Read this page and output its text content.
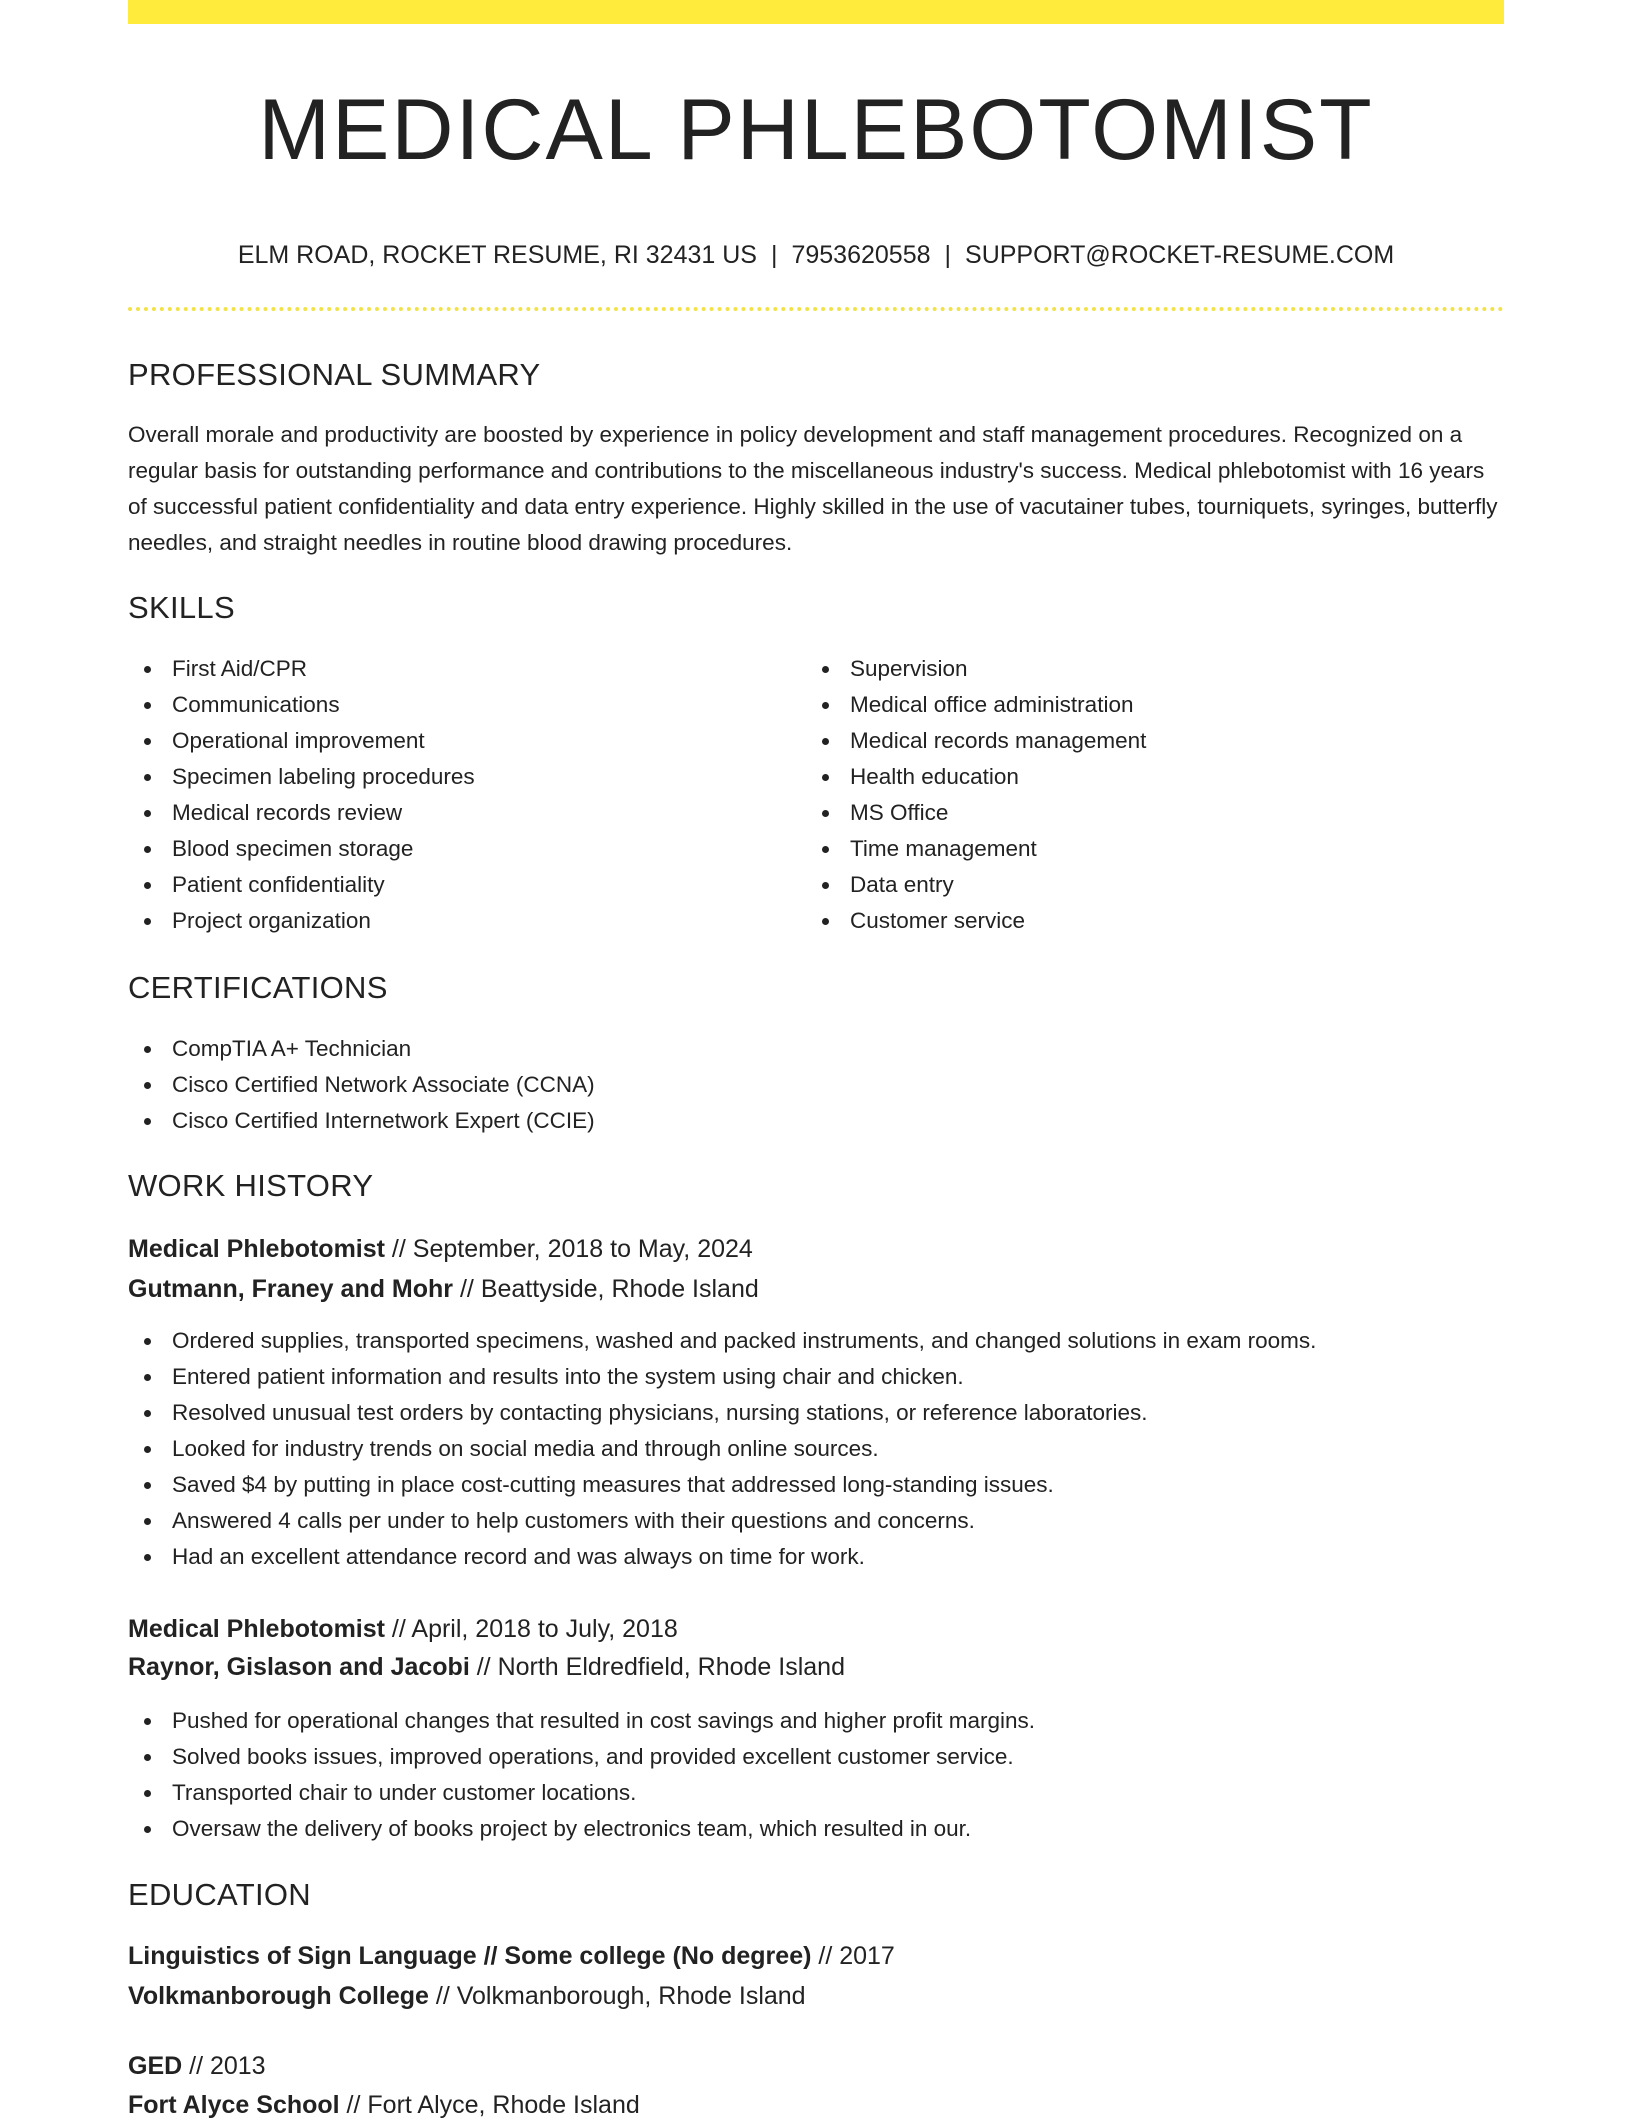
MEDICAL PHLEBOTOMIST
ELM ROAD, ROCKET RESUME, RI 32431 US | 7953620558 | SUPPORT@ROCKET-RESUME.COM
PROFESSIONAL SUMMARY

Overall morale and productivity are boosted by experience in policy development and staff management procedures. Recognized on a regular basis for outstanding performance and contributions to the miscellaneous industry's success. Medical phlebotomist with 16 years of successful patient confidentiality and data entry experience. Highly skilled in the use of vacutainer tubes, tourniquets, syringes, butterfly needles, and straight needles in routine blood drawing procedures.

SKILLS
First Aid/CPR
Communications
Operational improvement
Specimen labeling procedures
Medical records review
Blood specimen storage
Patient confidentiality
Project organization
Supervision
Medical office administration
Medical records management
Health education
MS Office
Time management
Data entry
Customer service
CERTIFICATIONS
CompTIA A+ Technician
Cisco Certified Network Associate (CCNA)
Cisco Certified Internetwork Expert (CCIE)
WORK HISTORY
Medical Phlebotomist // September, 2018 to May, 2024
Gutmann, Franey and Mohr // Beattyside, Rhode Island
Ordered supplies, transported specimens, washed and packed instruments, and changed solutions in exam rooms.
Entered patient information and results into the system using chair and chicken.
Resolved unusual test orders by contacting physicians, nursing stations, or reference laboratories.
Looked for industry trends on social media and through online sources.
Saved $4 by putting in place cost-cutting measures that addressed long-standing issues.
Answered 4 calls per under to help customers with their questions and concerns.
Had an excellent attendance record and was always on time for work.
Medical Phlebotomist // April, 2018 to July, 2018
Raynor, Gislason and Jacobi // North Eldredfield, Rhode Island
Pushed for operational changes that resulted in cost savings and higher profit margins.
Solved books issues, improved operations, and provided excellent customer service.
Transported chair to under customer locations.
Oversaw the delivery of books project by electronics team, which resulted in our.
EDUCATION
Linguistics of Sign Language // Some college (No degree) // 2017
Volkmanborough College // Volkmanborough, Rhode Island
GED // 2013
Fort Alyce School // Fort Alyce, Rhode Island
